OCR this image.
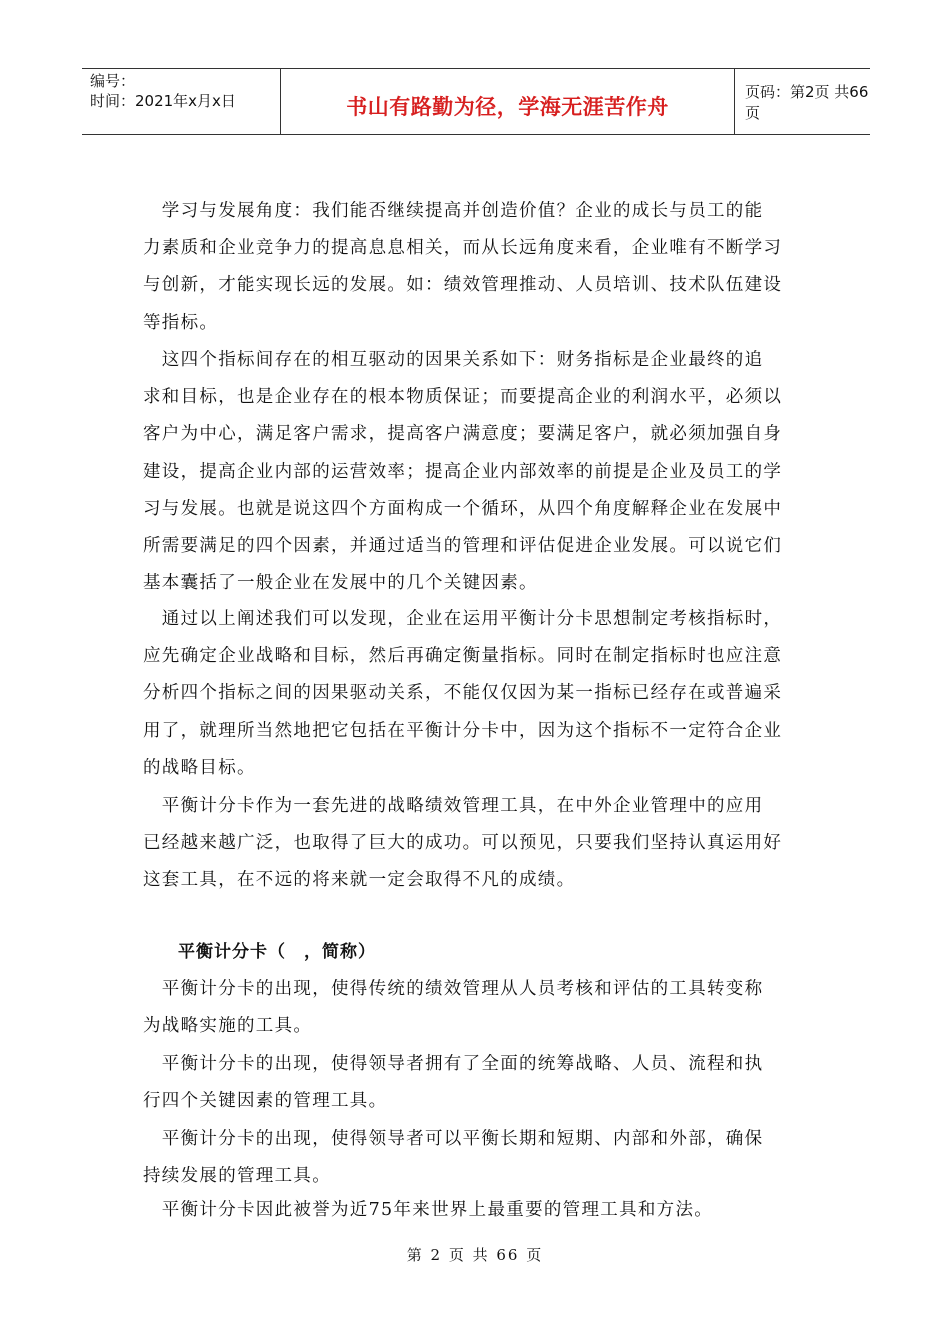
编号：
时间：2021年x月x日	书山有路勤为径，学海无涯苦作舟
页码：第2页 共66页

　学习与发展角度：我们能否继续提高并创造价值？企业的成长与员工的能
力素质和企业竞争力的提高息息相关，而从长远角度来看，企业唯有不断学习
与创新，才能实现长远的发展。如：绩效管理推动、人员培训、技术队伍建设
等指标。

　这四个指标间存在的相互驱动的因果关系如下：财务指标是企业最终的追
求和目标，也是企业存在的根本物质保证；而要提高企业的利润水平，必须以
客户为中心，满足客户需求，提高客户满意度；要满足客户，就必须加强自身
建设，提高企业内部的运营效率；提高企业内部效率的前提是企业及员工的学
习与发展。也就是说这四个方面构成一个循环，从四个角度解释企业在发展中
所需要满足的四个因素，并通过适当的管理和评估促进企业发展。可以说它们
基本囊括了一般企业在发展中的几个关键因素。

　通过以上阐述我们可以发现，企业在运用平衡计分卡思想制定考核指标时，
应先确定企业战略和目标，然后再确定衡量指标。同时在制定指标时也应注意
分析四个指标之间的因果驱动关系，不能仅仅因为某一指标已经存在或普遍采
用了，就理所当然地把它包括在平衡计分卡中，因为这个指标不一定符合企业
的战略目标。

　平衡计分卡作为一套先进的战略绩效管理工具，在中外企业管理中的应用
已经越来越广泛，也取得了巨大的成功。可以预见，只要我们坚持认真运用好
这套工具，在不远的将来就一定会取得不凡的成绩。

平衡计分卡（　，简称）

　平衡计分卡的出现，使得传统的绩效管理从人员考核和评估的工具转变称
为战略实施的工具。

　平衡计分卡的出现，使得领导者拥有了全面的统筹战略、人员、流程和执
行四个关键因素的管理工具。

　平衡计分卡的出现，使得领导者可以平衡长期和短期、内部和外部，确保
持续发展的管理工具。

　平衡计分卡因此被誉为近75年来世界上最重要的管理工具和方法。

第 2 页 共 66 页
